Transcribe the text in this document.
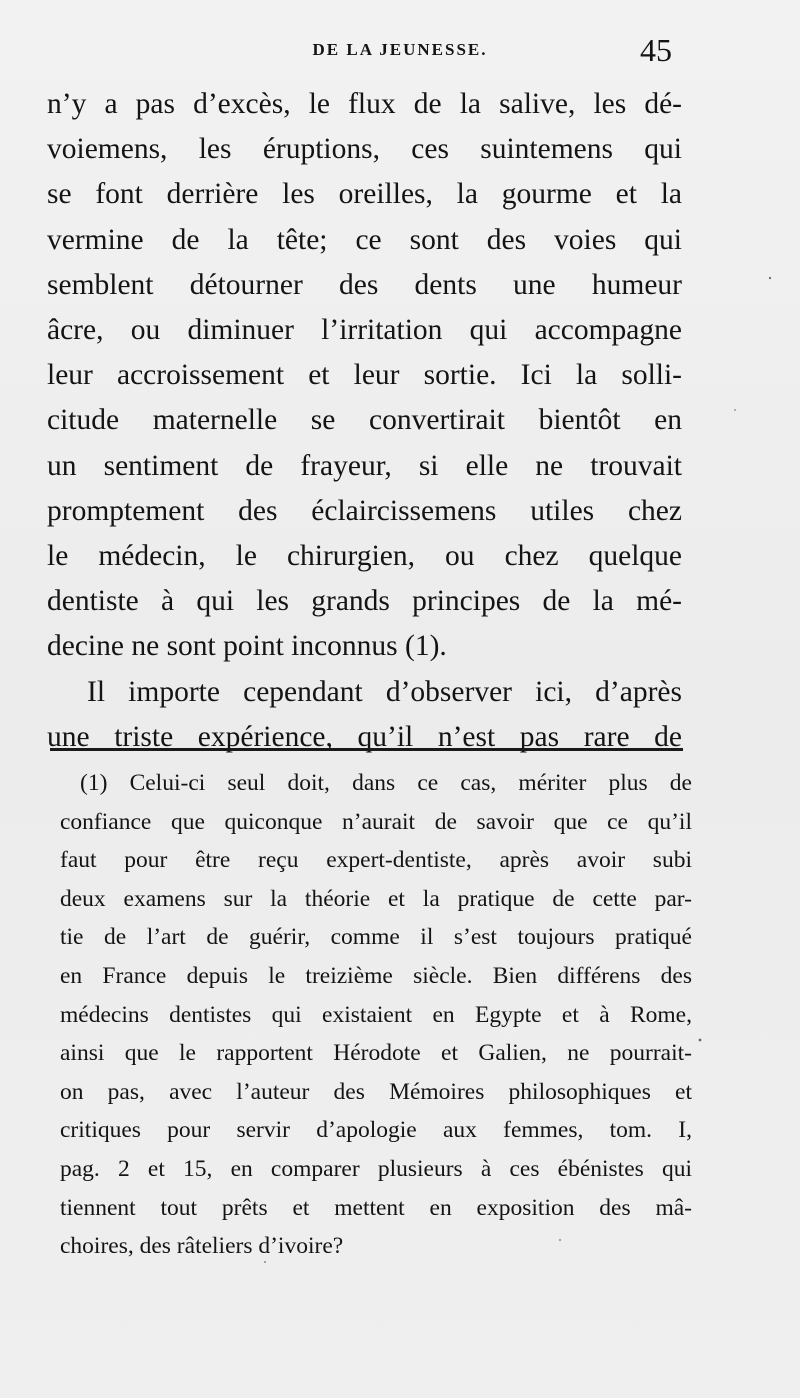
DE LA JEUNESSE.	45
n’y a pas d’excès, le flux de la salive, les dé-
voiemens, les éruptions, ces suintemens qui
se font derrière les oreilles, la gourme et la
vermine de la tête; ce sont des voies qui
semblent détourner des dents une humeur
âcre, ou diminuer l’irritation qui accompagne
leur accroissement et leur sortie. Ici la solli-
citude maternelle se convertirait bientôt en
un sentiment de frayeur, si elle ne trouvait
promptement des éclaircissemens utiles chez
le médecin, le chirurgien, ou chez quelque
dentiste à qui les grands principes de la mé-
decine ne sont point inconnus (1).
Il importe cependant d’observer ici, d’après
une triste expérience, qu’il n’est pas rare de
(1) Celui-ci seul doit, dans ce cas, mériter plus de
confiance que quiconque n’aurait de savoir que ce qu’il
faut pour être reçu expert-dentiste, après avoir subi
deux examens sur la théorie et la pratique de cette par-
tie de l’art de guérir, comme il s’est toujours pratiqué
en France depuis le treizième siècle. Bien différens des
médecins dentistes qui existaient en Egypte et à Rome,
ainsi que le rapportent Hérodote et Galien, ne pourrait-
on pas, avec l’auteur des Mémoires philosophiques et
critiques pour servir d’apologie aux femmes, tom. I,
pag. 2 et 15, en comparer plusieurs à ces ébénistes qui
tiennent tout prêts et mettent en exposition des mâ-
choires, des râteliers d’ivoire?
